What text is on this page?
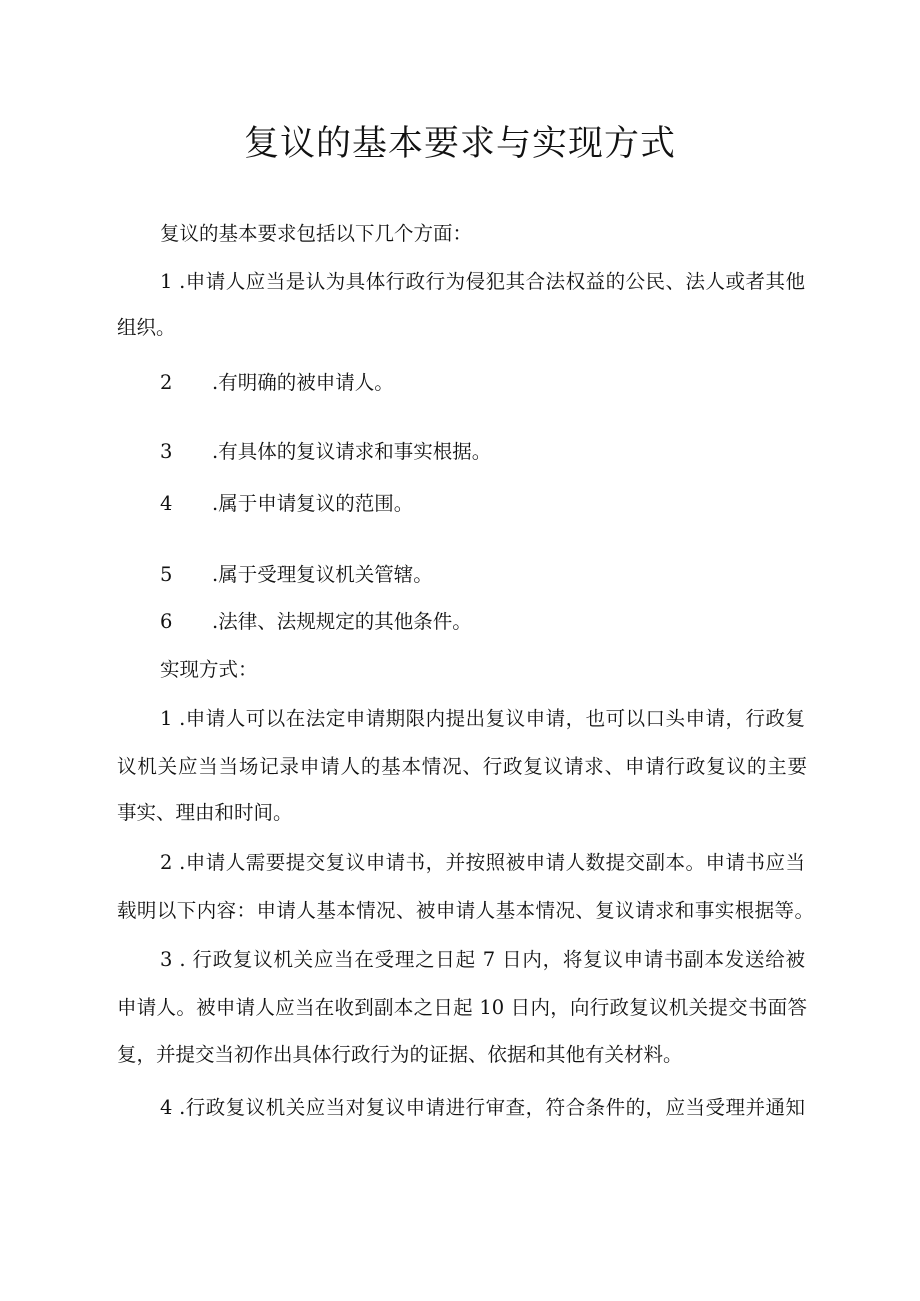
复议的基本要求与实现方式
复议的基本要求包括以下几个方面：
1 .申请人应当是认为具体行政行为侵犯其合法权益的公民、法人或者其他
组织。
2 .有明确的被申请人。
3 .有具体的复议请求和事实根据。
4 .属于申请复议的范围。
5 .属于受理复议机关管辖。
6 .法律、法规规定的其他条件。
实现方式：
1 .申请人可以在法定申请期限内提出复议申请，也可以口头申请，行政复
议机关应当当场记录申请人的基本情况、行政复议请求、申请行政复议的主要
事实、理由和时间。
2 .申请人需要提交复议申请书，并按照被申请人数提交副本。申请书应当
载明以下内容：申请人基本情况、被申请人基本情况、复议请求和事实根据等。
3 . 行政复议机关应当在受理之日起 7 日内，将复议申请书副本发送给被
申请人。被申请人应当在收到副本之日起 10 日内，向行政复议机关提交书面答
复，并提交当初作出具体行政行为的证据、依据和其他有关材料。
4 .行政复议机关应当对复议申请进行审查，符合条件的，应当受理并通知
